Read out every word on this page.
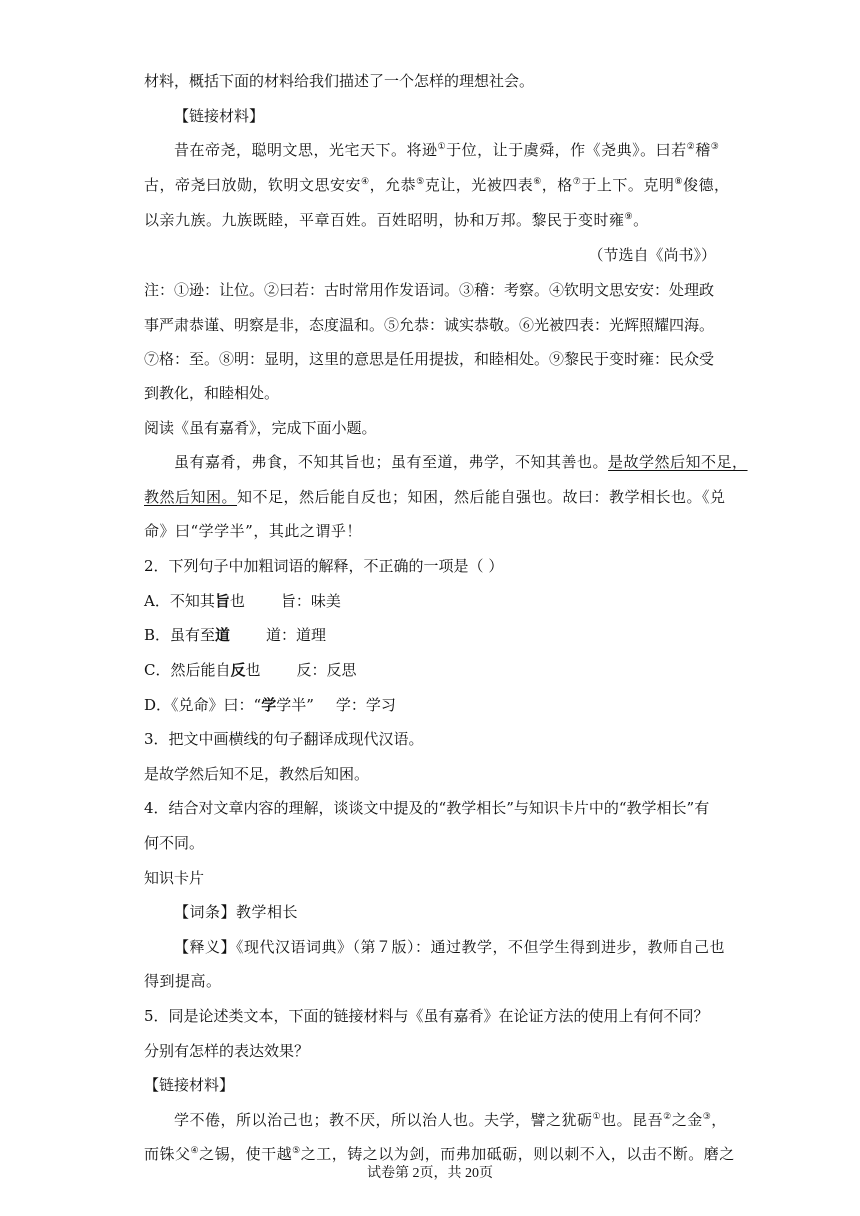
材料，概括下面的材料给我们描述了一个怎样的理想社会。
【链接材料】
昔在帝尧，聪明文思，光宅天下。将逊①于位，让于虞舜，作《尧典》。曰若②稽③
古，帝尧曰放勋，钦明文思安安④，允恭⑤克让，光被四表⑥，格⑦于上下。克明⑧俊德，
以亲九族。九族既睦，平章百姓。百姓昭明，协和万邦。黎民于变时雍⑨。
（节选自《尚书》）
注：①逊：让位。②曰若：古时常用作发语词。③稽：考察。④钦明文思安安：处理政
事严肃恭谨、明察是非，态度温和。⑤允恭：诚实恭敬。⑥光被四表：光辉照耀四海。
⑦格：至。⑧明：显明，这里的意思是任用提拔，和睦相处。⑨黎民于变时雍：民众受
到教化，和睦相处。
阅读《虽有嘉肴》，完成下面小题。
虽有嘉肴，弗食，不知其旨也；虽有至道，弗学，不知其善也。是故学然后知不足，
教然后知困。知不足，然后能自反也；知困，然后能自强也。故曰：教学相长也。《兑
命》曰“学学半”，其此之谓乎！
2．下列句子中加粗词语的解释，不正确的一项是（ ）
A．不知其旨也 旨：味美
B．虽有至道 道：道理
C．然后能自反也 反：反思
D．《兑命》曰：“学学半” 学：学习
3．把文中画横线的句子翻译成现代汉语。
是故学然后知不足，教然后知困。
4．结合对文章内容的理解，谈谈文中提及的“教学相长”与知识卡片中的“教学相长”有
何不同。
知识卡片
【词条】教学相长
【释义】《现代汉语词典》（第７版）：通过教学，不但学生得到进步，教师自己也
得到提高。
5．同是论述类文本，下面的链接材料与《虽有嘉肴》在论证方法的使用上有何不同？
分别有怎样的表达效果？
【链接材料】
学不倦，所以治己也；教不厌，所以治人也。夫学，譬之犹砺①也。昆吾②之金③，
而铢父④之锡，使干越⑤之工，铸之以为剑，而弗加砥砺，则以刺不入，以击不断。磨之
试卷第 2页，共 20页
